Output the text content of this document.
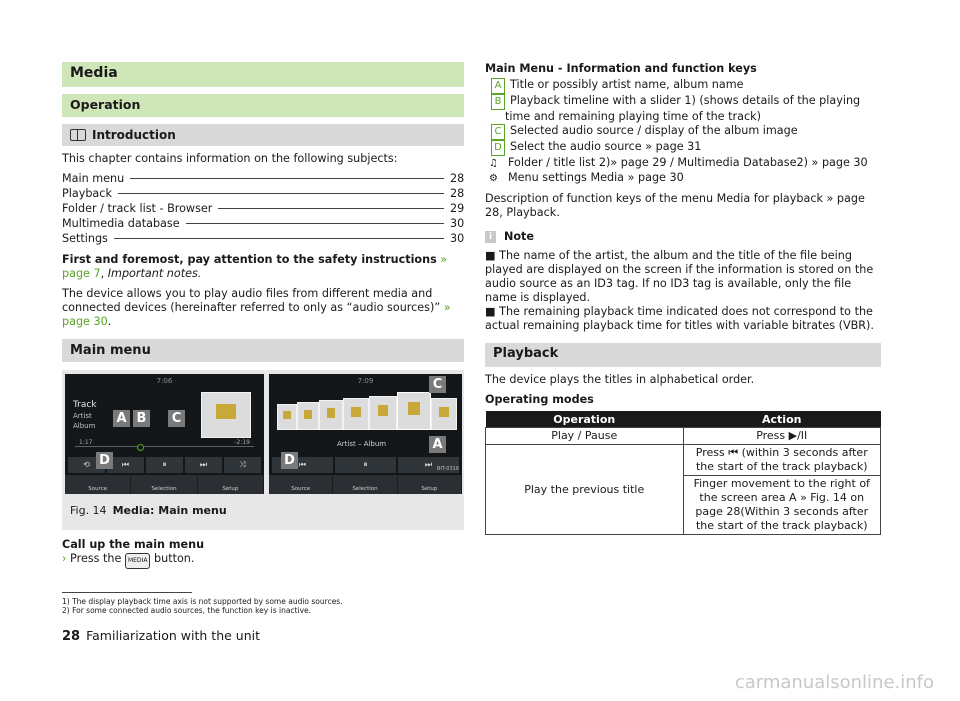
Media
Operation
Introduction

This chapter contains information on the following subjects:

Main menu	28
Playback	28
Folder / track list - Browser	29
Multimedia database	30
Settings	30

First and foremost, pay attention to the safety instructions » page 7, Important notes.

The device allows you to play audio files from different media and connected devices (hereinafter referred to only as “audio sources)” » page 30.

Main menu
7:06
Track
Artist
Album
1:17	-2:19
⟲	⏮	⏸	⏭	⤨
Source	Selection	Setup
A B C
D
7:09
Artist – Album
⏮	⏸	⏭
Source	Selection	Setup
C
A
D
BIT-0316
Fig. 14 Media: Main menu

Call up the main menu

› Press the MEDIA button.

Main Menu - Information and function keys

A Title or possibly artist name, album name
B Playback timeline with a slider 1) (shows details of the playing time and remaining playing time of the track)
C Selected audio source / display of the album image
D Select the audio source » page 31
♫ Folder / title list 2)» page 29 / Multimedia Database2) » page 30
⚙ Menu settings Media » page 30

Description of function keys of the menu Media for playback » page 28, Playback.

i	Note

■ The name of the artist, the album and the title of the file being played are displayed on the screen if the information is stored on the audio source as an ID3 tag. If no ID3 tag is available, only the file name is displayed.

■ The remaining playback time indicated does not correspond to the actual remaining playback time for titles with variable bitrates (VBR).

Playback

The device plays the titles in alphabetical order.

Operating modes

Operation	Action
Play / Pause	Press ▶/II
Play the previous title	Press ⏮ (within 3 seconds after the start of the track playback)
	Finger movement to the right of the screen area A » Fig. 14 on page 28(Within 3 seconds after the start of the track playback)
1) The display playback time axis is not supported by some audio sources.
2) For some connected audio sources, the function key is inactive.
28 Familiarization with the unit
carmanualsonline.info
